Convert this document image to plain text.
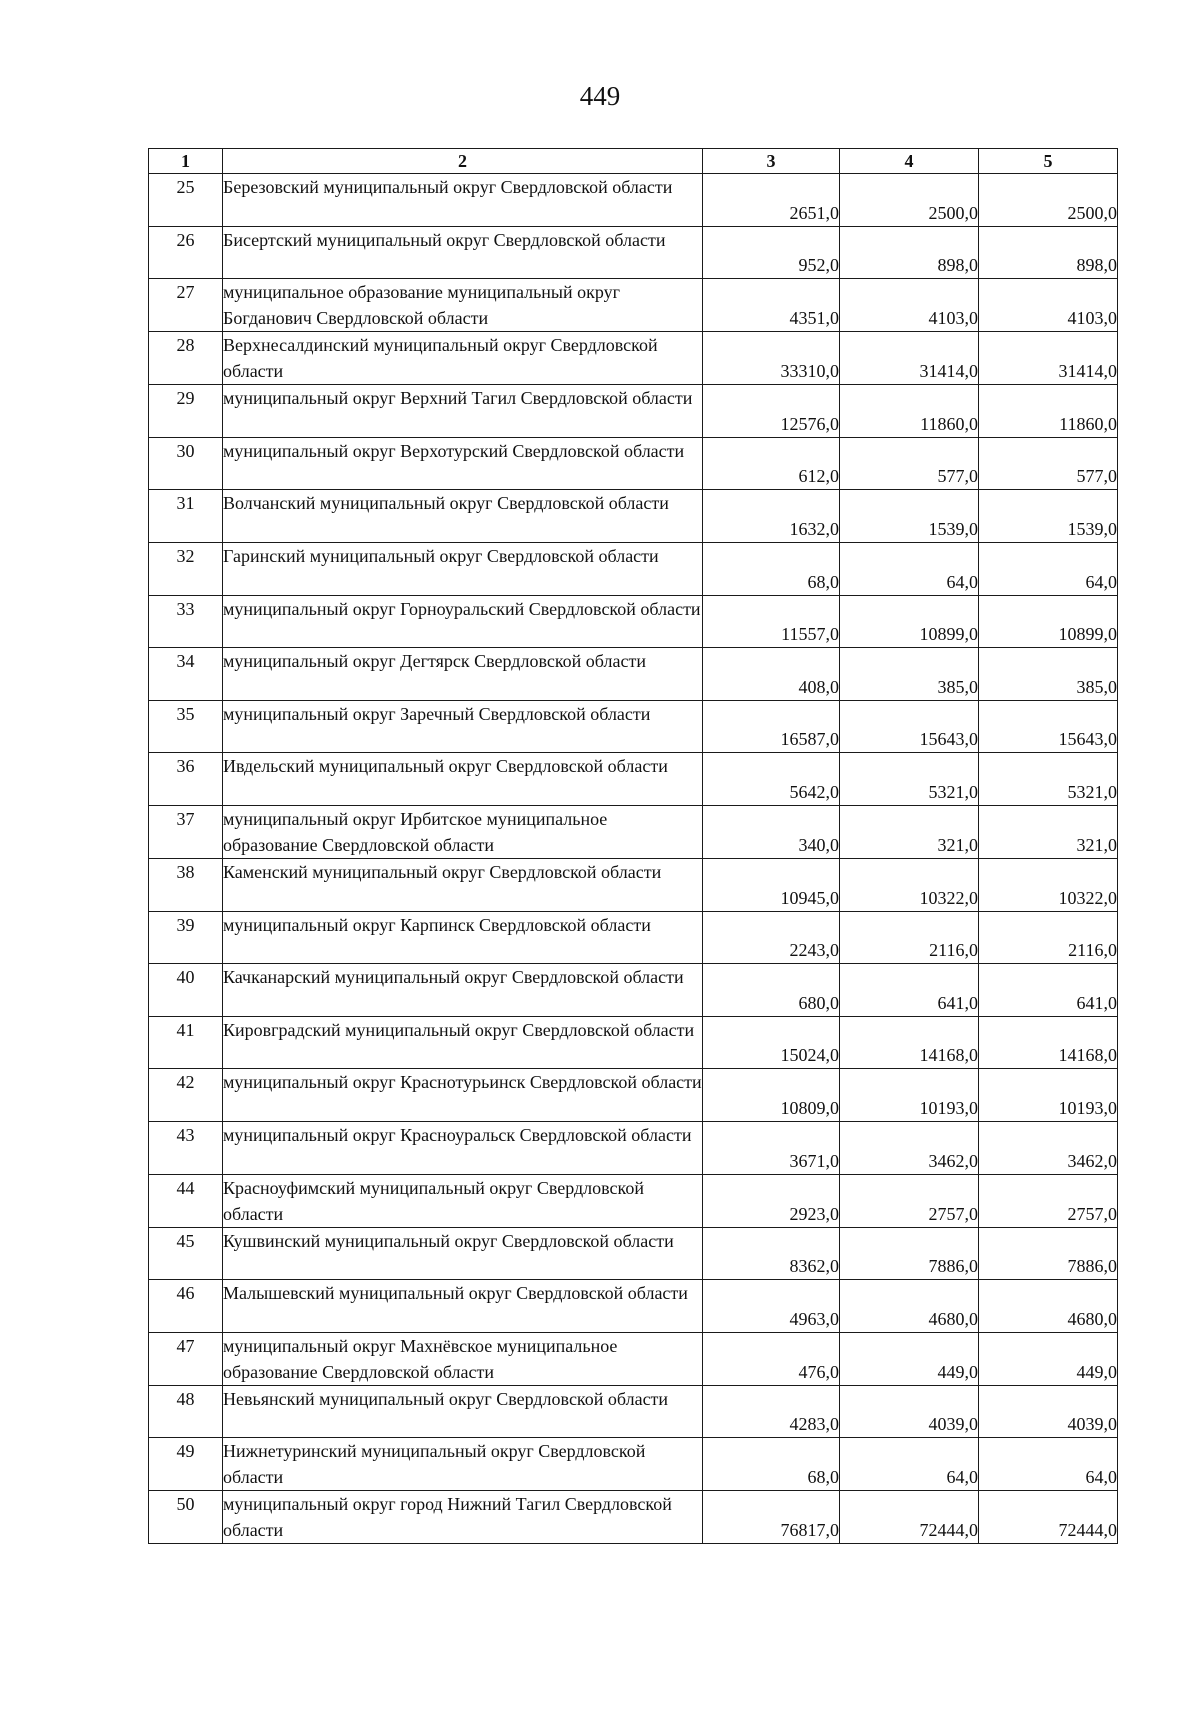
449
1	2	3	4	5
25	Березовский муниципальный округ Свердловской области	2651,0	2500,0	2500,0
26	Бисертский муниципальный округ Свердловской области	952,0	898,0	898,0
27	муниципальное образование муниципальный округ Богданович Свердловской области	4351,0	4103,0	4103,0
28	Верхнесалдинский муниципальный округ Свердловской области	33310,0	31414,0	31414,0
29	муниципальный округ Верхний Тагил Свердловской области	12576,0	11860,0	11860,0
30	муниципальный округ Верхотурский Свердловской области	612,0	577,0	577,0
31	Волчанский муниципальный округ Свердловской области	1632,0	1539,0	1539,0
32	Гаринский муниципальный округ Свердловской области	68,0	64,0	64,0
33	муниципальный округ Горноуральский Свердловской области	11557,0	10899,0	10899,0
34	муниципальный округ Дегтярск Свердловской области	408,0	385,0	385,0
35	муниципальный округ Заречный Свердловской области	16587,0	15643,0	15643,0
36	Ивдельский муниципальный округ Свердловской области	5642,0	5321,0	5321,0
37	муниципальный округ Ирбитское муниципальное образование Свердловской области	340,0	321,0	321,0
38	Каменский муниципальный округ Свердловской области	10945,0	10322,0	10322,0
39	муниципальный округ Карпинск Свердловской области	2243,0	2116,0	2116,0
40	Качканарский муниципальный округ Свердловской области	680,0	641,0	641,0
41	Кировградский муниципальный округ Свердловской области	15024,0	14168,0	14168,0
42	муниципальный округ Краснотурьинск Свердловской области	10809,0	10193,0	10193,0
43	муниципальный округ Красноуральск Свердловской области	3671,0	3462,0	3462,0
44	Красноуфимский муниципальный округ Свердловской области	2923,0	2757,0	2757,0
45	Кушвинский муниципальный округ Свердловской области	8362,0	7886,0	7886,0
46	Малышевский муниципальный округ Свердловской области	4963,0	4680,0	4680,0
47	муниципальный округ Махнёвское муниципальное образование Свердловской области	476,0	449,0	449,0
48	Невьянский муниципальный округ Свердловской области	4283,0	4039,0	4039,0
49	Нижнетуринский муниципальный округ Свердловской области	68,0	64,0	64,0
50	муниципальный округ город Нижний Тагил Свердловской области	76817,0	72444,0	72444,0
